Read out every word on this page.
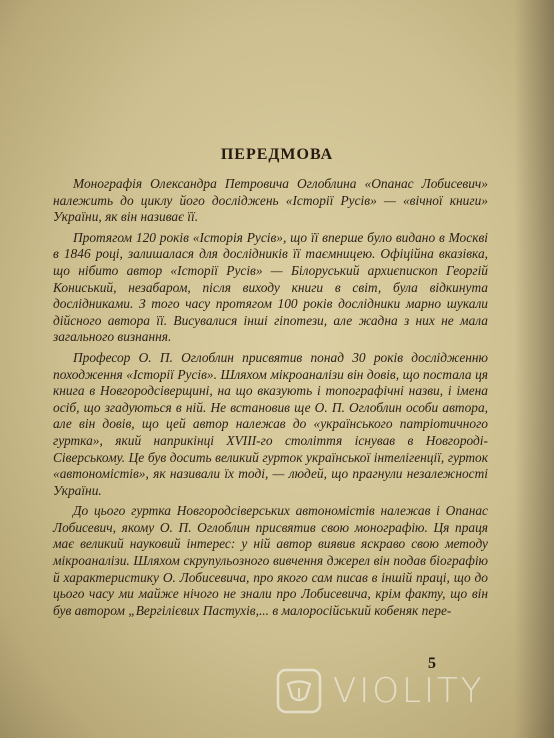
ПЕРЕДМОВА

Монографія Олександра Петровича Оглоблина «Опанас Лобисевич» належить до циклу його досліджень «Історії Русів» — «вічної книги» України, як він називає її.

Протягом 120 років «Історія Русів», що її вперше було видано в Москві в 1846 році, залишалася для дослідників її таємницею. Офіційна вказівка, що нібито автор «Історії Русів» — Білоруський архиєпископ Георгій Кониський, незабаром, після виходу книги в світ, була відкинута дослідниками. З того часу протягом 100 років дослідники марно шукали дійсного автора її. Висувалися інші гіпотези, але жадна з них не мала загального визнання.

Професор О. П. Оглоблин присвятив понад 30 років дослідженню походження «Історії Русів». Шляхом мікроаналізи він довів, що постала ця книга в Новгородсіверщині, на що вказують і топографічні назви, і імена осіб, що згадуються в ній. Не встановив ще О. П. Оглоблин особи автора, але він довів, що цей автор належав до «українського патріотичного гуртка», який наприкінці XVIII-го століття існував в Новгороді-Сіверському. Це був досить великий гурток української інтелігенції, гурток «автономістів», як називали їх тоді, — людей, що прагнули незалежності України.

До цього гуртка Новгородсіверських автономістів належав і Опанас Лобисевич, якому О. П. Оглоблин присвятив свою монографію. Ця праця має великий науковий інтерес: у ній автор виявив яскраво свою методу мікроаналізи. Шляхом скрупульозного вивчення джерел він подав біографію й характеристику О. Лобисевича, про якого сам писав в іншій праці, що до цього часу ми майже нічого не знали про Лобисевича, крім факту, що він був автором „Вергілієвих Пастухів,... в малоросійський кобеняк пере-

5
VIOLITY
